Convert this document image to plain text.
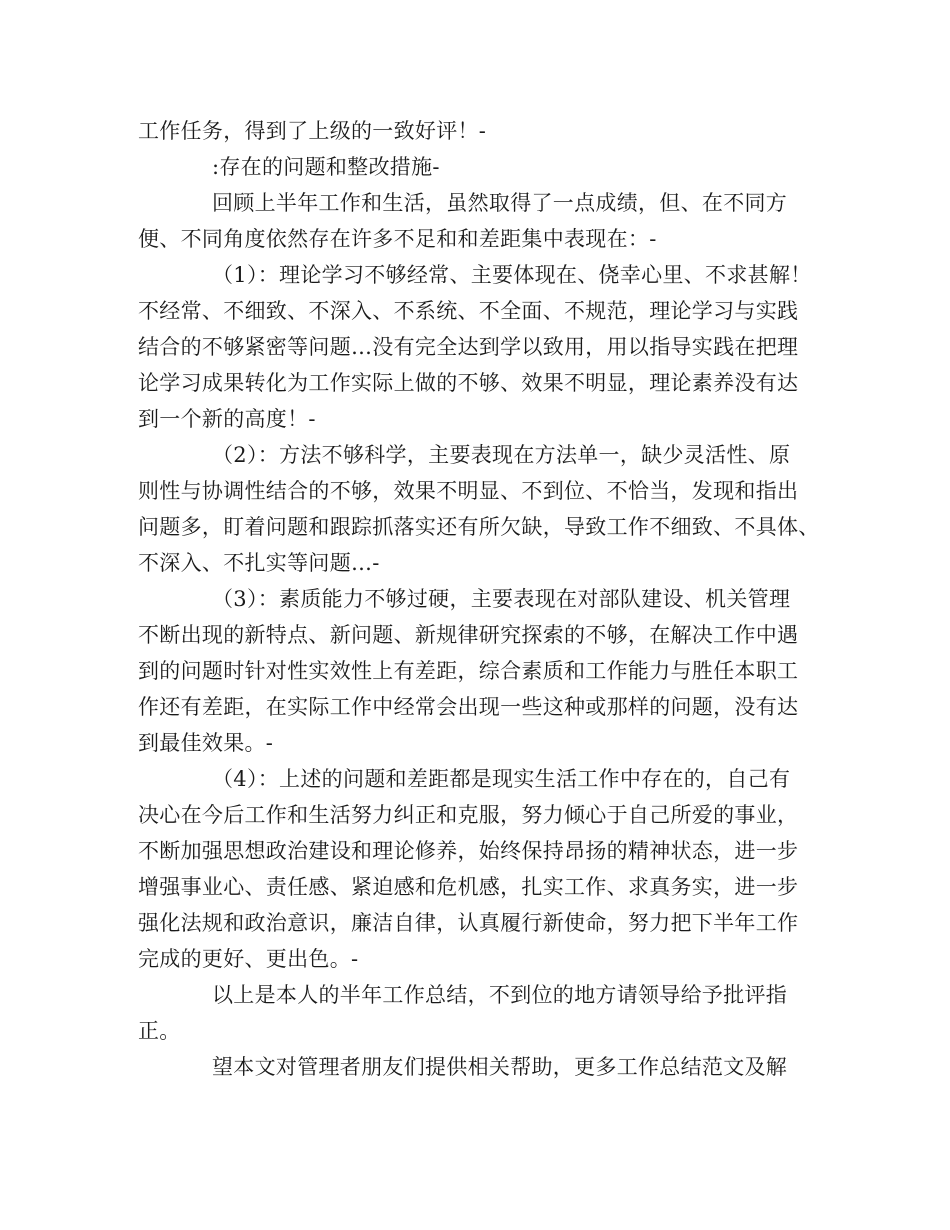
工作任务，得到了上级的一致好评！-
:存在的问题和整改措施-
回顾上半年工作和生活，虽然取得了一点成绩，但、在不同方
便、不同角度依然存在许多不足和和差距集中表现在：-
（1）：理论学习不够经常、主要体现在、侥幸心里、不求甚解！
不经常、不细致、不深入、不系统、不全面、不规范，理论学习与实践
结合的不够紧密等问题…没有完全达到学以致用，用以指导实践在把理
论学习成果转化为工作实际上做的不够、效果不明显，理论素养没有达
到一个新的高度！-
（2）：方法不够科学，主要表现在方法单一，缺少灵活性、原
则性与协调性结合的不够，效果不明显、不到位、不恰当，发现和指出
问题多，盯着问题和跟踪抓落实还有所欠缺，导致工作不细致、不具体、
不深入、不扎实等问题…-
（3）：素质能力不够过硬，主要表现在对部队建设、机关管理
不断出现的新特点、新问题、新规律研究探索的不够，在解决工作中遇
到的问题时针对性实效性上有差距，综合素质和工作能力与胜任本职工
作还有差距，在实际工作中经常会出现一些这种或那样的问题，没有达
到最佳效果。-
（4）：上述的问题和差距都是现实生活工作中存在的，自己有
决心在今后工作和生活努力纠正和克服，努力倾心于自己所爱的事业，
不断加强思想政治建设和理论修养，始终保持昂扬的精神状态，进一步
增强事业心、责任感、紧迫感和危机感，扎实工作、求真务实，进一步
强化法规和政治意识，廉洁自律，认真履行新使命，努力把下半年工作
完成的更好、更出色。-
以上是本人的半年工作总结，不到位的地方请领导给予批评指
正。
望本文对管理者朋友们提供相关帮助，更多工作总结范文及解
